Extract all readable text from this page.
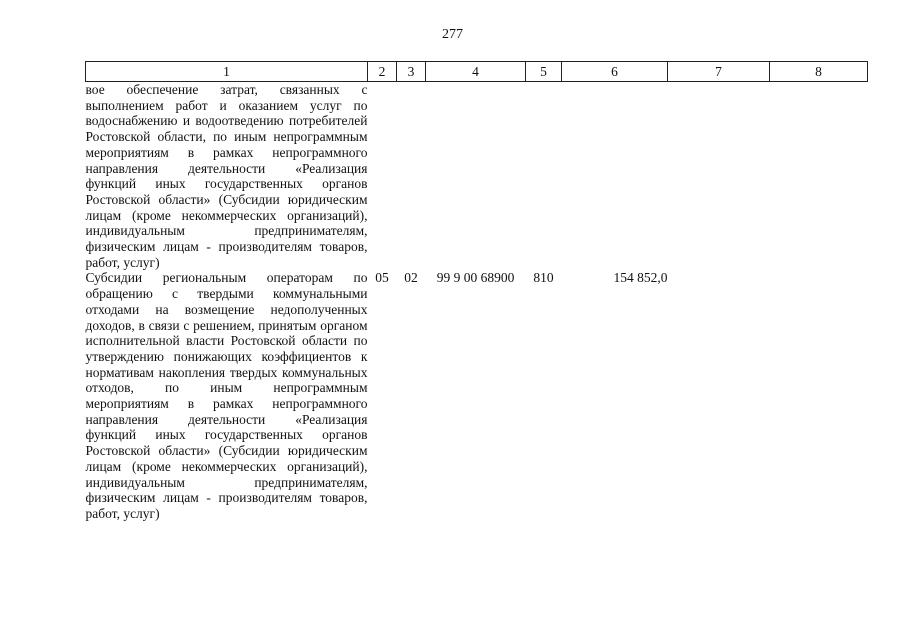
277
1	2	3	4	5	6	7	8
вое обеспечение затрат, связанных с выполнением работ и оказанием услуг по водоснабжению и водоотведению потребителей Ростовской области, по иным непрограммным мероприятиям в рамках непрограммного направления деятельности «Реализация функций иных государственных органов Ростовской области» (Субсидии юридическим лицам (кроме некоммерческих организаций), индивидуальным предпринимателям, физическим лицам - производителям товаров, работ, услуг)							
Субсидии региональным операторам по обращению с твердыми коммунальными отходами на возмещение недополученных доходов, в связи с решением, принятым органом исполнительной власти Ростовской области по утверждению понижающих коэффициентов к нормативам накопления твердых коммунальных отходов, по иным непрограммным мероприятиям в рамках непрограммного направления деятельности «Реализация функций иных государственных органов Ростовской области» (Субсидии юридическим лицам (кроме некоммерческих организаций), индивидуальным предпринимателям, физическим лицам - производителям товаров, работ, услуг)	05	02	99 9 00 68900	810	154 852,0		
